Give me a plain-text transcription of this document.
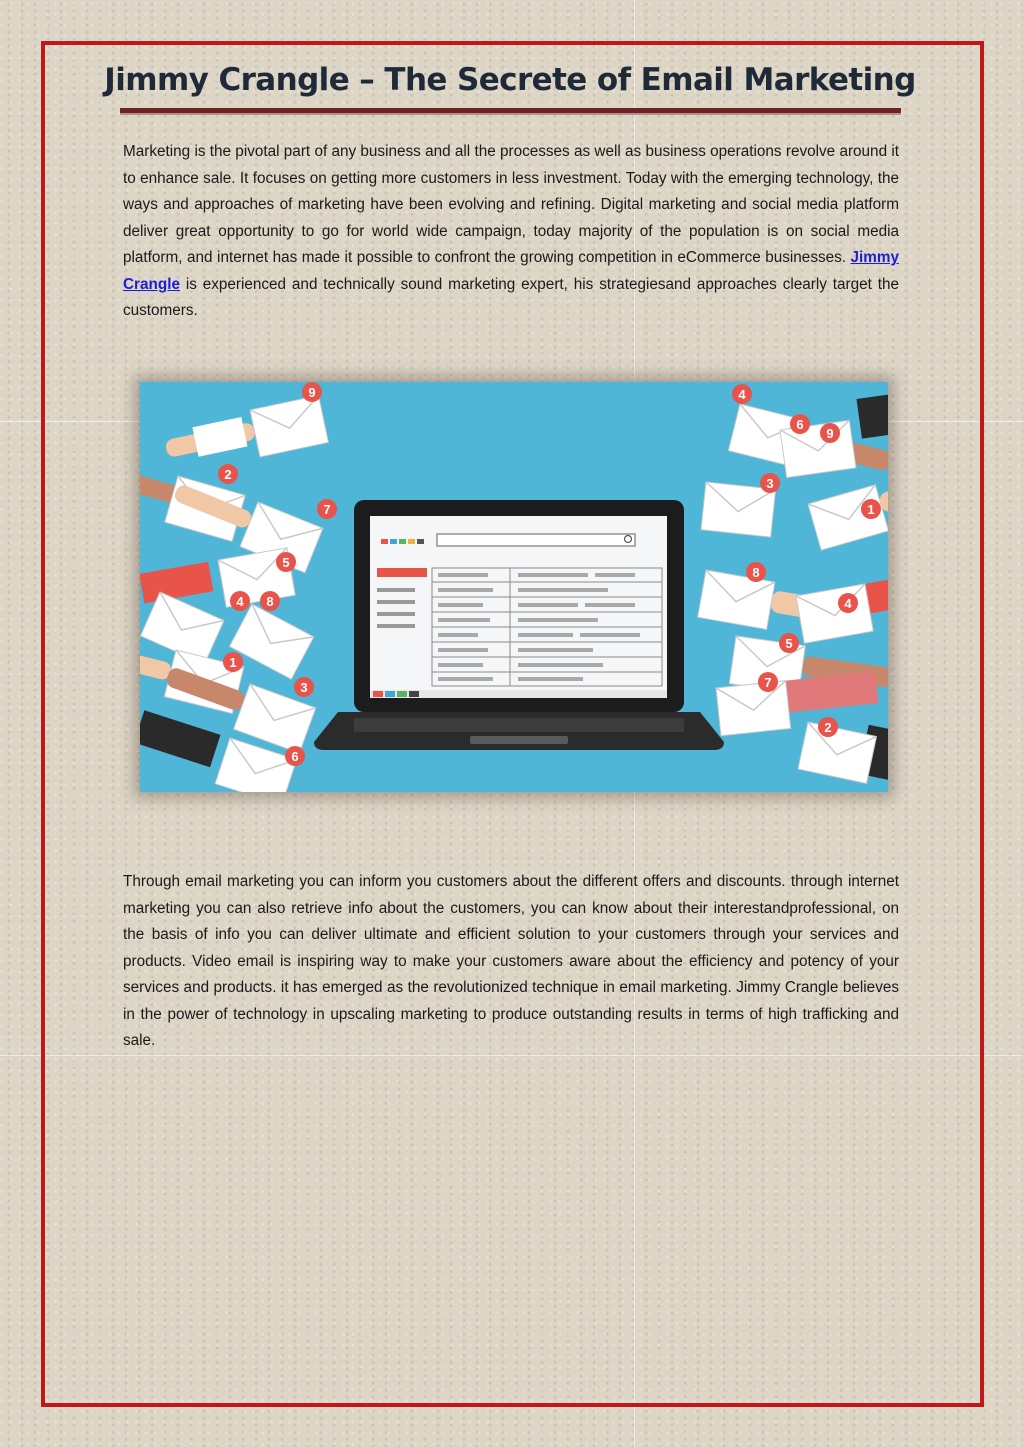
Jimmy Crangle – The Secrete of Email Marketing

Marketing is the pivotal part of any business and all the processes as well as business operations revolve around it to enhance sale. It focuses on getting more customers in less investment. Today with the emerging technology, the ways and approaches of marketing have been evolving and refining. Digital marketing and social media platform deliver great opportunity to go for world wide campaign, today majority of the population is on social media platform, and internet has made it possible to confront the growing competition in eCommerce businesses. Jimmy Crangle is experienced and technically sound marketing expert, his strategiesand approaches clearly target the customers.

9
2
7
5
4 8
1
3
6
4
6
9
3
1
8
4
5
7
2

Through email marketing you can inform you customers about the different offers and discounts. through internet marketing you can also retrieve info about the customers, you can know about their interestandprofessional, on the basis of info you can deliver ultimate and efficient solution to your customers through your services and products. Video email is inspiring way to make your customers aware about the efficiency and potency of your services and products. it has emerged as the revolutionized technique in email marketing. Jimmy Crangle believes in the power of technology in upscaling marketing to produce outstanding results in terms of high trafficking and sale.
